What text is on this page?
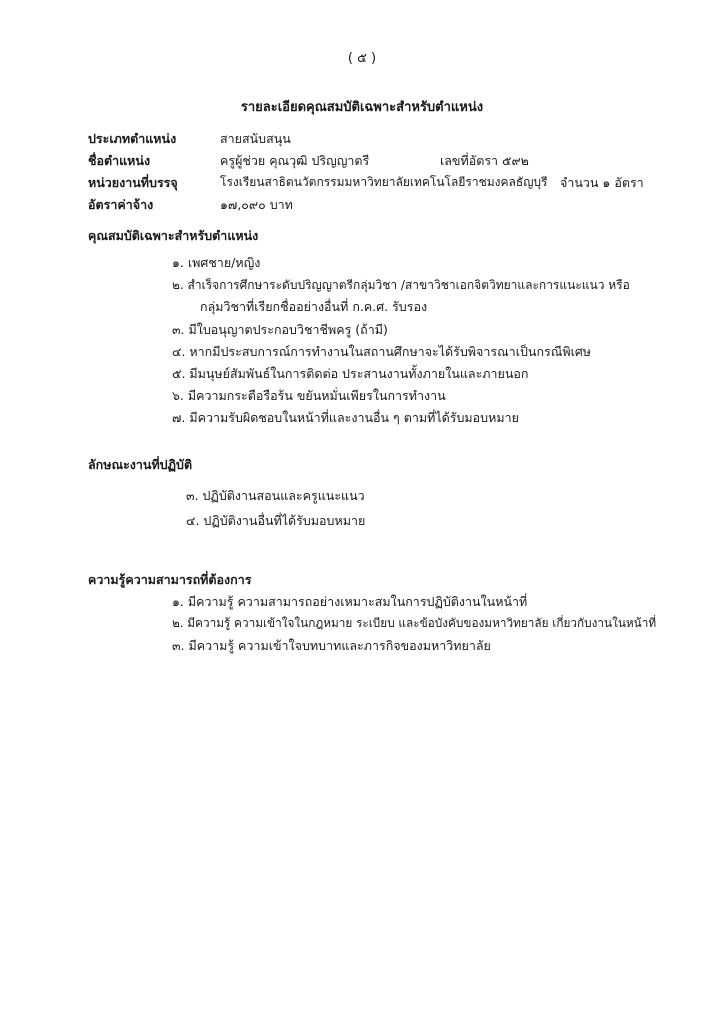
( ๕ )
รายละเอียดคุณสมบัติเฉพาะสำหรับตำแหน่ง
ประเภทตำแหน่ง	สายสนับสนุน
ชื่อตำแหน่ง	ครูผู้ช่วย คุณวุฒิ ปริญญาตรี	เลขที่อัตรา ๕๙๒
หน่วยงานที่บรรจุ	โรงเรียนสาธิตนวัตกรรมมหาวิทยาลัยเทคโนโลยีราชมงคลธัญบุรี จำนวน ๑ อัตรา
อัตราค่าจ้าง	๑๗,๐๙๐ บาท
คุณสมบัติเฉพาะสำหรับตำแหน่ง
๑. เพศชาย/หญิง
๒. สำเร็จการศึกษาระดับปริญญาตรีกลุ่มวิชา /สาขาวิชาเอกจิตวิทยาและการแนะแนว หรือ
กลุ่มวิชาที่เรียกชื่ออย่างอื่นที่ ก.ค.ศ. รับรอง
๓. มีใบอนุญาตประกอบวิชาชีพครู (ถ้ามี)
๔. หากมีประสบการณ์การทำงานในสถานศึกษาจะได้รับพิจารณาเป็นกรณีพิเศษ
๕. มีมนุษย์สัมพันธ์ในการติดต่อ ประสานงานทั้งภายในและภายนอก
๖. มีความกระตือรือร้น ขยันหมั่นเพียรในการทำงาน
๗. มีความรับผิดชอบในหน้าที่และงานอื่น ๆ ตามที่ได้รับมอบหมาย
ลักษณะงานที่ปฏิบัติ
๓. ปฏิบัติงานสอนและครูแนะแนว
๔. ปฏิบัติงานอื่นที่ได้รับมอบหมาย
ความรู้ความสามารถที่ต้องการ
๑. มีความรู้ ความสามารถอย่างเหมาะสมในการปฏิบัติงานในหน้าที่
๒. มีความรู้ ความเข้าใจในกฎหมาย ระเบียบ และข้อบังคับของมหาวิทยาลัย เกี่ยวกับงานในหน้าที่
๓. มีความรู้ ความเข้าใจบทบาทและภารกิจของมหาวิทยาลัย
